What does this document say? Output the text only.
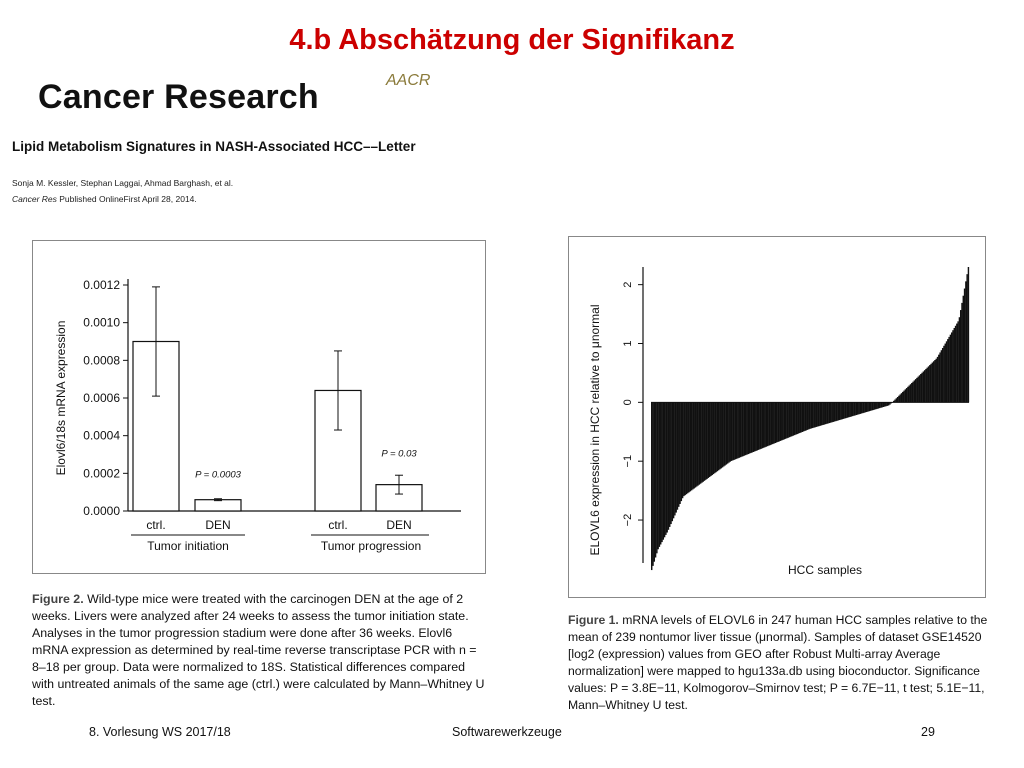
4.b Abschätzung der Signifikanz
Cancer Research	AACR
Lipid Metabolism Signatures in NASH-Associated HCC––Letter
Sonja M. Kessler, Stephan Laggai, Ahmad Barghash, et al.
Cancer Res Published OnlineFirst April 28, 2014.
0.0000
0.0002
0.0004
0.0006
0.0008
0.0010
0.0012
Elovl6/18s mRNA expression
ctrl.	DEN	ctrl.	DEN
P = 0.0003
P = 0.03
Tumor initiation	Tumor progression
−2
−1
0
1
2
ELOVL6 expression in HCC relative to μnormal
HCC samples
Figure 2. Wild-type mice were treated with the carcinogen DEN at the age of 2 weeks. Livers were analyzed after 24 weeks to assess the tumor initiation state. Analyses in the tumor progression stadium were done after 36 weeks. Elovl6 mRNA expression as determined by real-time reverse transcriptase PCR with n = 8–18 per group. Data were normalized to 18S. Statistical differences compared with untreated animals of the same age (ctrl.) were calculated by Mann–Whitney U test.
Figure 1. mRNA levels of ELOVL6 in 247 human HCC samples relative to the mean of 239 nontumor liver tissue (μnormal). Samples of dataset GSE14520 [log2 (expression) values from GEO after Robust Multi-array Average normalization] were mapped to hgu133a.db using bioconductor. Significance values: P = 3.8E−11, Kolmogorov–Smirnov test; P = 6.7E−11, t test; 5.1E−11, Mann–Whitney U test.
8. Vorlesung WS 2017/18	Softwarewerkzeuge	29
